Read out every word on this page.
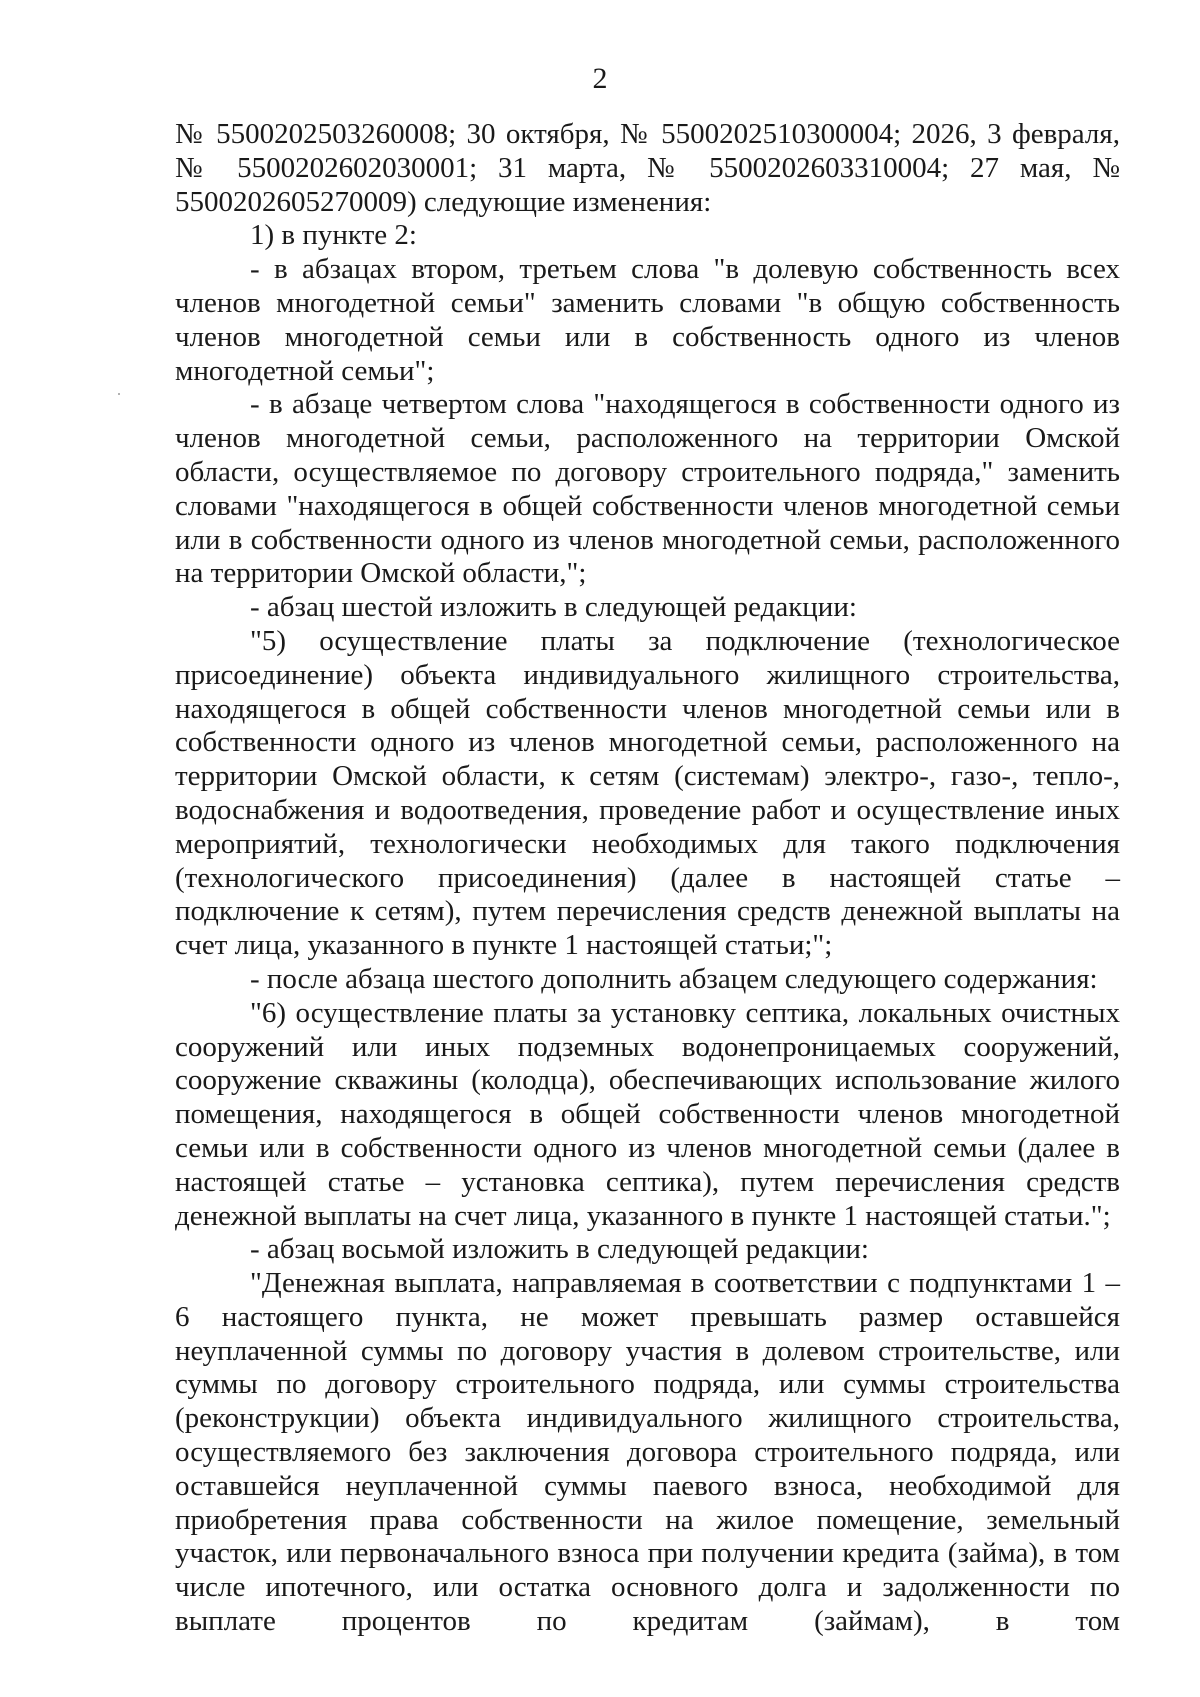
2

№ 5500202503260008; 30 октября, № 5500202510300004; 2026, 3 февраля, № 5500202602030001; 31 марта, № 5500202603310004; 27 мая, № 5500202605270009) следующие изменения:

1) в пункте 2:

- в абзацах втором, третьем слова "в долевую собственность всех членов многодетной семьи" заменить словами "в общую собственность членов многодетной семьи или в собственность одного из членов многодетной семьи";

- в абзаце четвертом слова "находящегося в собственности одного из членов многодетной семьи, расположенного на территории Омской области, осуществляемое по договору строительного подряда," заменить словами "находящегося в общей собственности членов многодетной семьи или в собственности одного из членов многодетной семьи, расположенного на территории Омской области,";

- абзац шестой изложить в следующей редакции:

"5) осуществление платы за подключение (технологическое присоединение) объекта индивидуального жилищного строительства, находящегося в общей собственности членов многодетной семьи или в собственности одного из членов многодетной семьи, расположенного на территории Омской области, к сетям (системам) электро-, газо-, тепло-, водоснабжения и водоотведения, проведение работ и осуществление иных мероприятий, технологически необходимых для такого подключения (технологического присоединения) (далее в настоящей статье – подключение к сетям), путем перечисления средств денежной выплаты на счет лица, указанного в пункте 1 настоящей статьи;";

- после абзаца шестого дополнить абзацем следующего содержания:

"6) осуществление платы за установку септика, локальных очистных сооружений или иных подземных водонепроницаемых сооружений, сооружение скважины (колодца), обеспечивающих использование жилого помещения, находящегося в общей собственности членов многодетной семьи или в собственности одного из членов многодетной семьи (далее в настоящей статье – установка септика), путем перечисления средств денежной выплаты на счет лица, указанного в пункте 1 настоящей статьи.";

- абзац восьмой изложить в следующей редакции:

"Денежная выплата, направляемая в соответствии с подпунктами 1 – 6 настоящего пункта, не может превышать размер оставшейся неуплаченной суммы по договору участия в долевом строительстве, или суммы по договору строительного подряда, или суммы строительства (реконструкции) объекта индивидуального жилищного строительства, осуществляемого без заключения договора строительного подряда, или оставшейся неуплаченной суммы паевого взноса, необходимой для приобретения права собственности на жилое помещение, земельный участок, или первоначального взноса при получении кредита (займа), в том числе ипотечного, или остатка основного долга и задолженности по выплате процентов по кредитам (займам), в том
